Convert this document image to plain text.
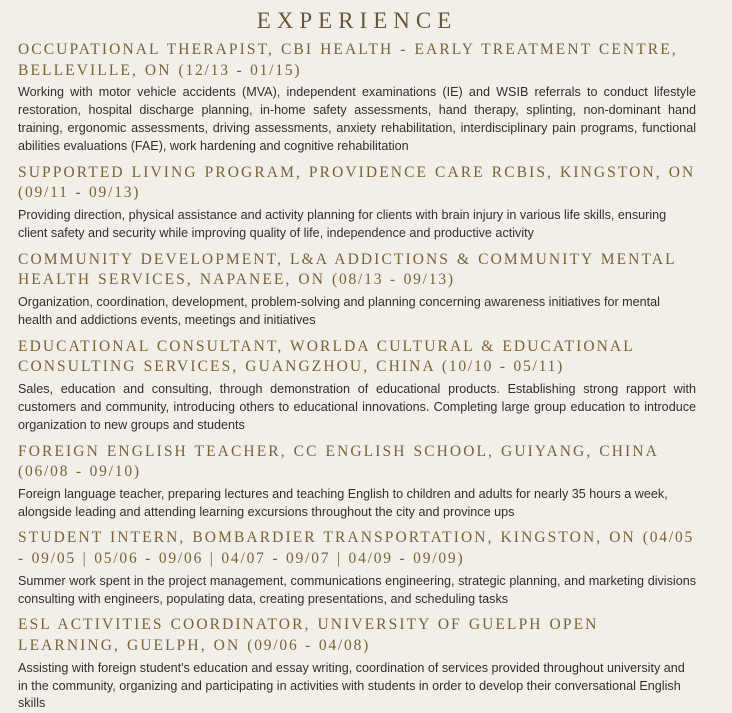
EXPERIENCE
OCCUPATIONAL THERAPIST, CBI HEALTH - EARLY TREATMENT CENTRE, BELLEVILLE, ON (12/13 - 01/15)
Working with motor vehicle accidents (MVA), independent examinations (IE) and WSIB referrals to conduct lifestyle restoration, hospital discharge planning, in-home safety assessments, hand therapy, splinting, non-dominant hand training, ergonomic assessments, driving assessments, anxiety rehabilitation, interdisciplinary pain programs, functional abilities evaluations (FAE), work hardening and cognitive rehabilitation
SUPPORTED LIVING PROGRAM, PROVIDENCE CARE RCBIS, KINGSTON, ON (09/11 - 09/13)
Providing direction, physical assistance and activity planning for clients with brain injury in various life skills, ensuring client safety and security while improving quality of life, independence and productive activity
COMMUNITY DEVELOPMENT, L&A ADDICTIONS & COMMUNITY MENTAL HEALTH SERVICES, NAPANEE, ON (08/13 - 09/13)
Organization, coordination, development, problem-solving and planning concerning awareness initiatives for mental health and addictions events, meetings and initiatives
EDUCATIONAL CONSULTANT, WORLDA CULTURAL & EDUCATIONAL CONSULTING SERVICES, GUANGZHOU, CHINA (10/10 - 05/11)
Sales, education and consulting, through demonstration of educational products. Establishing strong rapport with customers and community, introducing others to educational innovations. Completing large group education to introduce organization to new groups and students
FOREIGN ENGLISH TEACHER, CC ENGLISH SCHOOL, GUIYANG, CHINA (06/08 - 09/10)
Foreign language teacher, preparing lectures and teaching English to children and adults for nearly 35 hours a week, alongside leading and attending learning excursions throughout the city and province ups
STUDENT INTERN, BOMBARDIER TRANSPORTATION, KINGSTON, ON (04/05 - 09/05 | 05/06 - 09/06 | 04/07 - 09/07 | 04/09 - 09/09)
Summer work spent in the project management, communications engineering, strategic planning, and marketing divisions consulting with engineers, populating data, creating presentations, and scheduling tasks
ESL ACTIVITIES COORDINATOR, UNIVERSITY OF GUELPH OPEN LEARNING, GUELPH, ON (09/06 - 04/08)
Assisting with foreign student's education and essay writing, coordination of services provided throughout university and in the community, organizing and participating in activities with students in order to develop their conversational English skills
